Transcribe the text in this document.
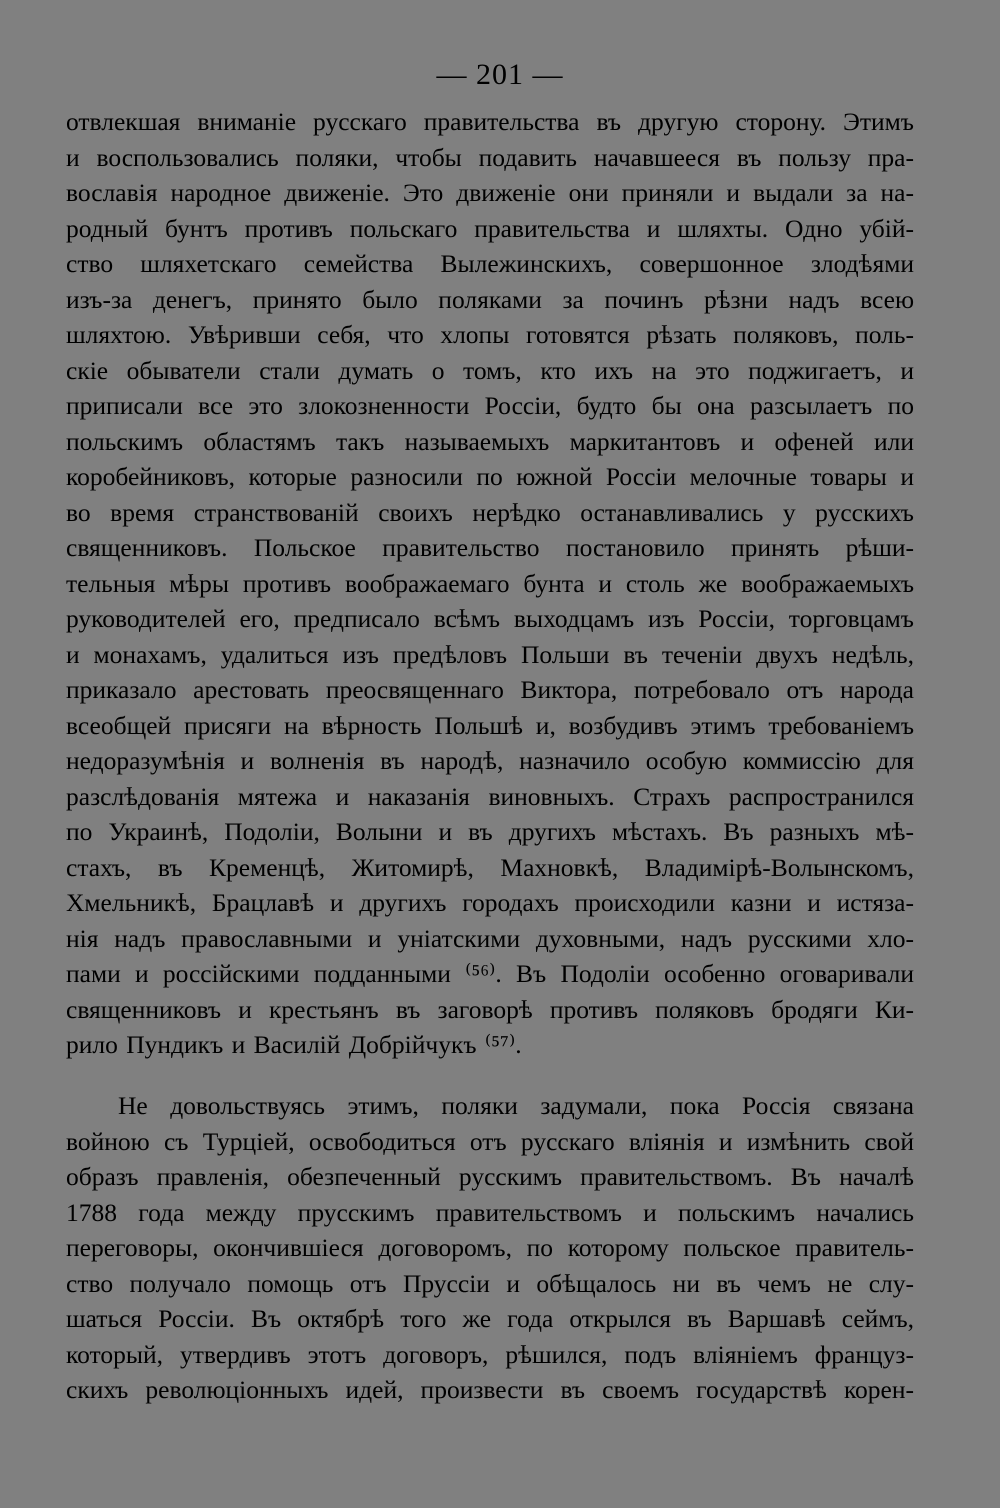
— 201 —
отвлекшая вниманіе русскаго правительства въ другую сторону. Этимъ
и воспользовались поляки, чтобы подавить начавшееся въ пользу пра-
вославія народное движеніе. Это движеніе они приняли и выдали за на-
родный бунтъ противъ польскаго правительства и шляхты. Одно убій-
ство шляхетскаго семейства Вылежинскихъ, совершонное злодѣями
изъ-за денегъ, принято было поляками за починъ рѣзни надъ всею
шляхтою. Увѣривши себя, что хлопы готовятся рѣзать поляковъ, поль-
скіе обыватели стали думать о томъ, кто ихъ на это поджигаетъ, и
приписали все это злокозненности Россіи, будто бы она разсылаетъ по
польскимъ областямъ такъ называемыхъ маркитантовъ и офеней или
коробейниковъ, которые разносили по южной Россіи мелочные товары и
во время странствованій своихъ нерѣдко останавливались у русскихъ
священниковъ. Польское правительство постановило принять рѣши-
тельныя мѣры противъ воображаемаго бунта и столь же воображаемыхъ
руководителей его, предписало всѣмъ выходцамъ изъ Россіи, торговцамъ
и монахамъ, удалиться изъ предѣловъ Польши въ теченіи двухъ недѣль,
приказало арестовать преосвященнаго Виктора, потребовало отъ народа
всеобщей присяги на вѣрность Польшѣ и, возбудивъ этимъ требованіемъ
недоразумѣнія и волненія въ народѣ, назначило особую коммиссію для
разслѣдованія мятежа и наказанія виновныхъ. Страхъ распространился
по Украинѣ, Подоліи, Волыни и въ другихъ мѣстахъ. Въ разныхъ мѣ-
стахъ, въ Кременцѣ, Житомирѣ, Махновкѣ, Владимірѣ-Волынскомъ,
Хмельникѣ, Брацлавѣ и другихъ городахъ происходили казни и истяза-
нія надъ православными и уніатскими духовными, надъ русскими хло-
пами и россійскими подданными ⁽⁵⁶⁾. Въ Подоліи особенно оговаривали
священниковъ и крестьянъ въ заговорѣ противъ поляковъ бродяги Ки-
рило Пундикъ и Василій Добрійчукъ ⁽⁵⁷⁾.
Не довольствуясь этимъ, поляки задумали, пока Россія связана
войною съ Турціей, освободиться отъ русскаго вліянія и измѣнить свой
образъ правленія, обезпеченный русскимъ правительствомъ. Въ началѣ
1788 года между прусскимъ правительствомъ и польскимъ начались
переговоры, окончившіеся договоромъ, по которому польское правитель-
ство получало помощь отъ Пруссіи и обѣщалось ни въ чемъ не слу-
шаться Россіи. Въ октябрѣ того же года открылся въ Варшавѣ сеймъ,
который, утвердивъ этотъ договоръ, рѣшился, подъ вліяніемъ француз-
скихъ революціонныхъ идей, произвести въ своемъ государствѣ корен-
